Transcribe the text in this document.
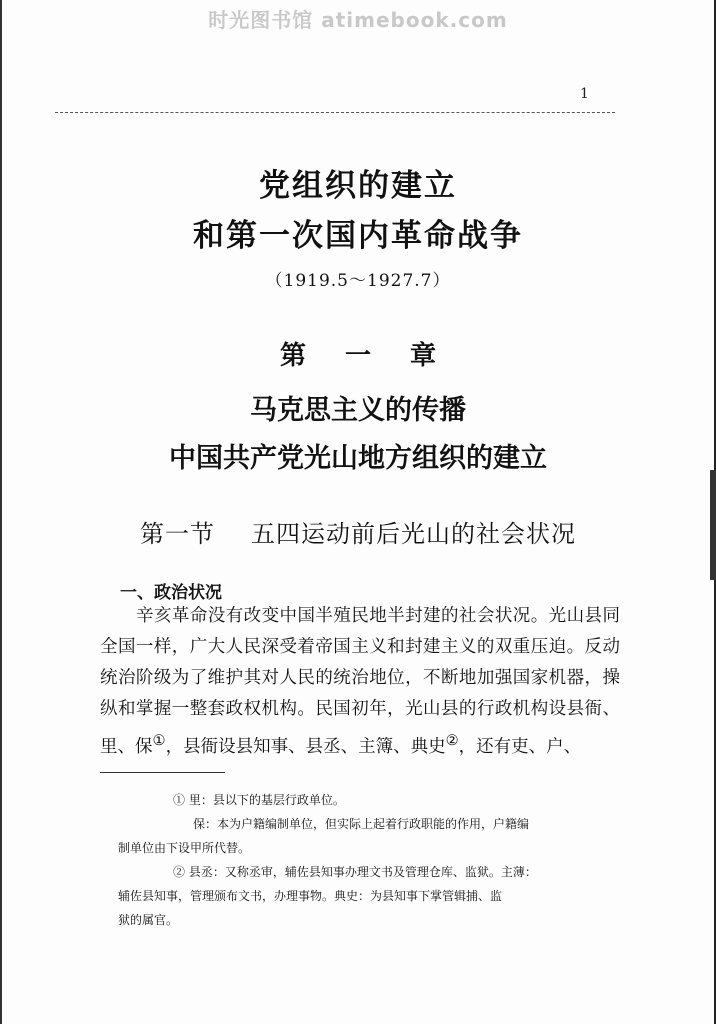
时光图书馆 atimebook.com
1
党组织的建立
和第一次国内革命战争
（1919.5～1927.7）
第 一 章
马克思主义的传播
中国共产党光山地方组织的建立
第一节 五四运动前后光山的社会状况
一、政治状况

辛亥革命没有改变中国半殖民地半封建的社会状况。光山县同全国一样，广大人民深受着帝国主义和封建主义的双重压迫。反动统治阶级为了维护其对人民的统治地位，不断地加强国家机器，操纵和掌握一整套政权机构。民国初年，光山县的行政机构设县衙、里、保①，县衙设县知事、县丞、主簿、典史②，还有吏、户、

① 里：县以下的基层行政单位。

保：本为户籍编制单位，但实际上起着行政职能的作用，户籍编

制单位由下设甲所代替。

② 县丞：又称丞审，辅佐县知事办理文书及管理仓库、监狱。主薄：

辅佐县知事，管理颁布文书，办理事物。典史：为县知事下掌管辑捕、监

狱的属官。
